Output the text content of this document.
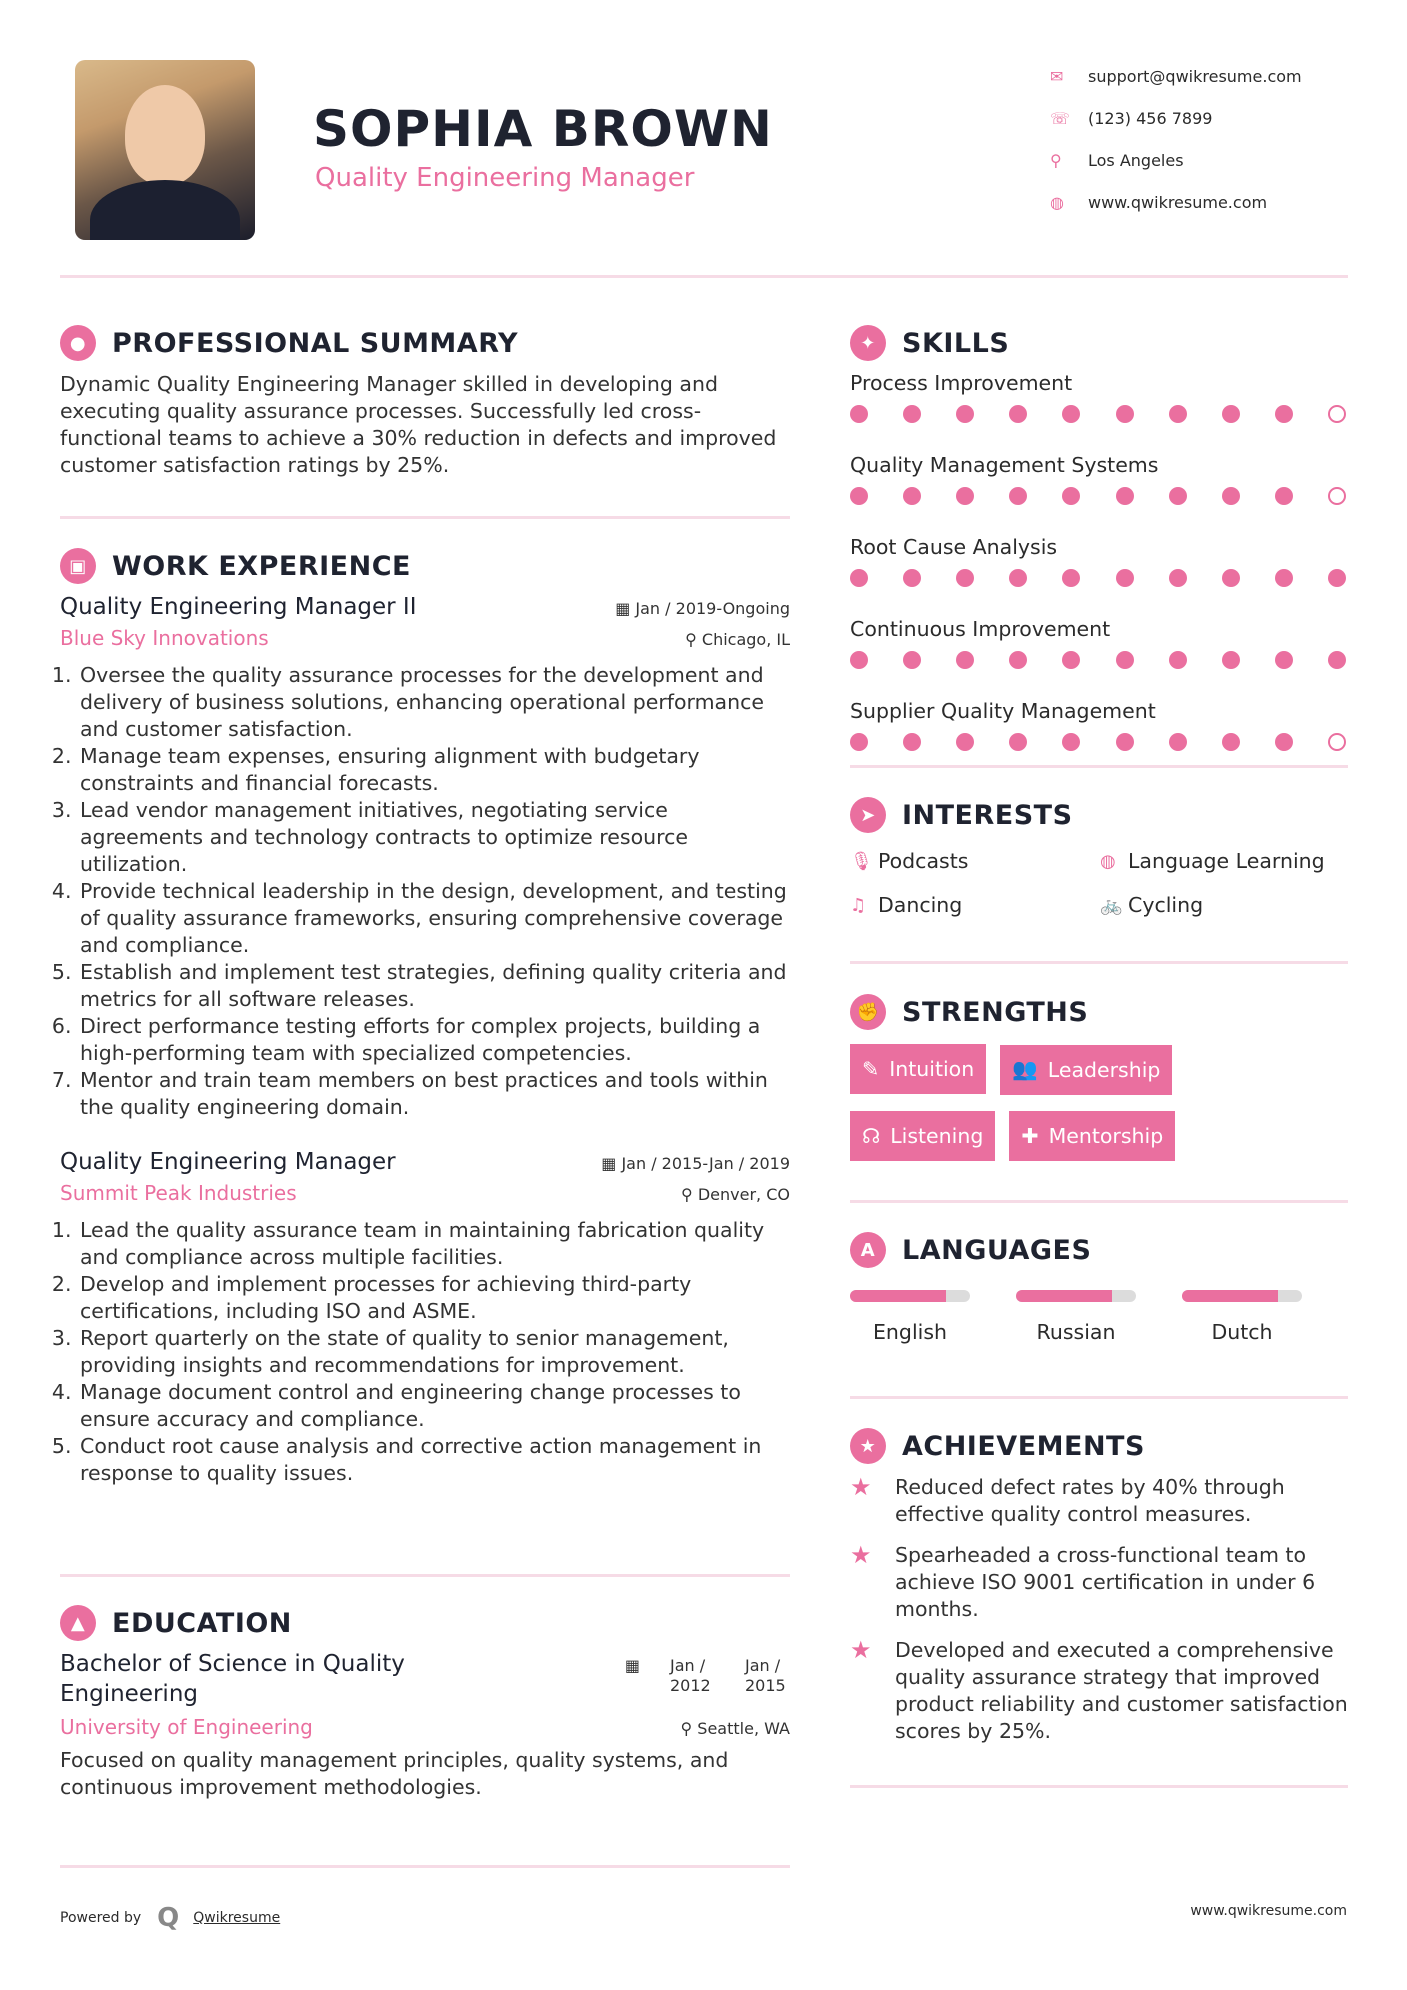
SOPHIA BROWN
Quality Engineering Manager
✉	support@qwikresume.com
☏	(123) 456 7899
⚲	Los Angeles
◍	www.qwikresume.com
● PROFESSIONAL SUMMARY
Dynamic Quality Engineering Manager skilled in developing and executing quality assurance processes. Successfully led cross-functional teams to achieve a 30% reduction in defects and improved customer satisfaction ratings by 25%.
▣ WORK EXPERIENCE
Quality Engineering Manager II	▦ Jan / 2019-Ongoing
Blue Sky Innovations	⚲ Chicago, IL
1. Oversee the quality assurance processes for the development and delivery of business solutions, enhancing operational performance and customer satisfaction.
2. Manage team expenses, ensuring alignment with budgetary constraints and financial forecasts.
3. Lead vendor management initiatives, negotiating service agreements and technology contracts to optimize resource utilization.
4. Provide technical leadership in the design, development, and testing of quality assurance frameworks, ensuring comprehensive coverage and compliance.
5. Establish and implement test strategies, defining quality criteria and metrics for all software releases.
6. Direct performance testing efforts for complex projects, building a high-performing team with specialized competencies.
7. Mentor and train team members on best practices and tools within the quality engineering domain.
Quality Engineering Manager	▦ Jan / 2015-Jan / 2019
Summit Peak Industries	⚲ Denver, CO
1. Lead the quality assurance team in maintaining fabrication quality and compliance across multiple facilities.
2. Develop and implement processes for achieving third-party certifications, including ISO and ASME.
3. Report quarterly on the state of quality to senior management, providing insights and recommendations for improvement.
4. Manage document control and engineering change processes to ensure accuracy and compliance.
5. Conduct root cause analysis and corrective action management in response to quality issues.
▲ EDUCATION
Bachelor of Science in Quality Engineering
▦ Jan / 2012
Jan / 2015
University of Engineering	⚲ Seattle, WA
Focused on quality management principles, quality systems, and continuous improvement methodologies.
✦ SKILLS
Process Improvement
Quality Management Systems
Root Cause Analysis
Continuous Improvement
Supplier Quality Management
➤ INTERESTS
🎙 Podcasts	◍ Language Learning
♫ Dancing	🚲 Cycling
✊ STRENGTHS
✎ Intuition 👥 Leadership
☊ Listening ✚ Mentorship
A LANGUAGES
English	Russian	Dutch
★ ACHIEVEMENTS
★	Reduced defect rates by 40% through effective quality control measures.
★	Spearheaded a cross-functional team to achieve ISO 9001 certification in under 6 months.
★	Developed and executed a comprehensive quality assurance strategy that improved product reliability and customer satisfaction scores by 25%.
Powered by Q Qwikresume	www.qwikresume.com
